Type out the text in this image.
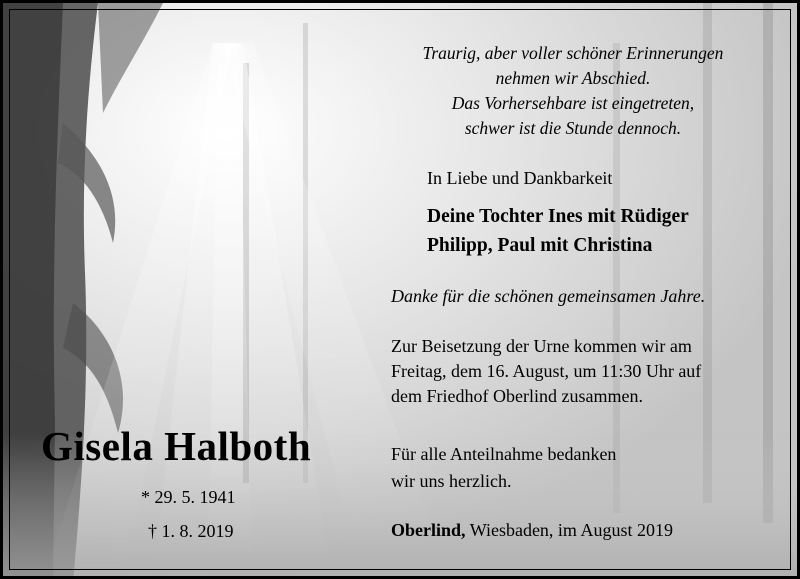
Traurig, aber voller schöner Erinnerungen
nehmen wir Abschied.
Das Vorhersehbare ist eingetreten,
schwer ist die Stunde dennoch.
In Liebe und Dankbarkeit
Deine Tochter Ines mit Rüdiger
Philipp, Paul mit Christina
Danke für die schönen gemeinsamen Jahre.
Zur Beisetzung der Urne kommen wir am
Freitag, dem 16. August, um 11:30 Uhr auf
dem Friedhof Oberlind zusammen.
Für alle Anteilnahme bedanken
wir uns herzlich.
Oberlind, Wiesbaden, im August 2019
Gisela Halboth
* 29. 5. 1941
† 1. 8. 2019
